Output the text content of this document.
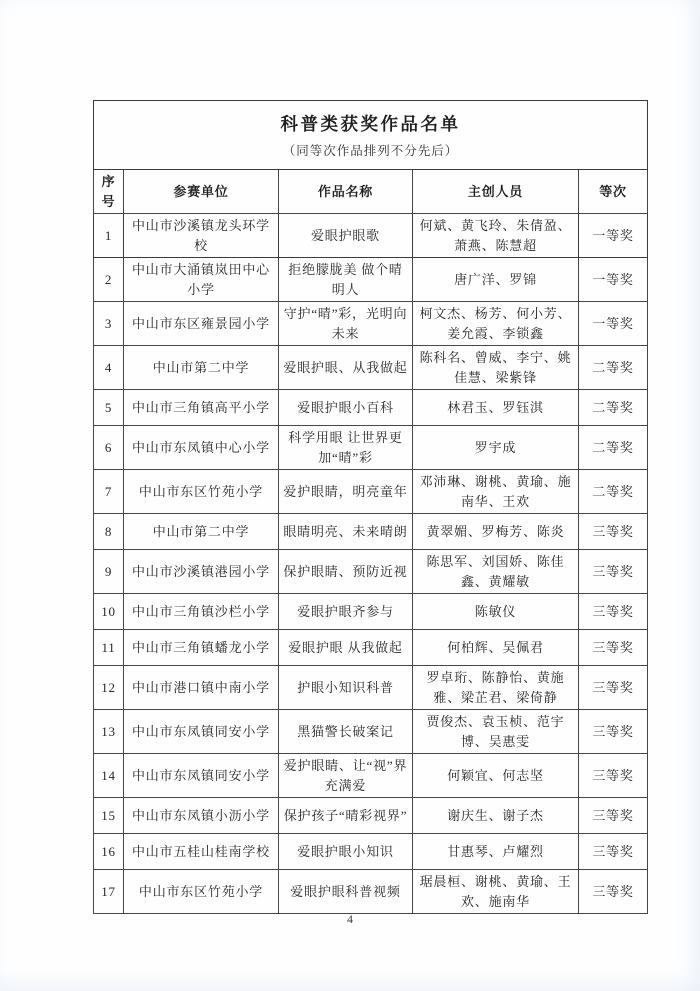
科普类获奖作品名单
（同等次作品排列不分先后）				

序号	参赛单位	作品名称	主创人员	等次
1	中山市沙溪镇龙头环学校	爱眼护眼歌	何斌、黄飞玲、朱倩盈、萧燕、陈慧超	一等奖
2	中山市大涌镇岚田中心小学	拒绝朦胧美 做个晴明人	唐广洋、罗锦	一等奖
3	中山市东区雍景园小学	守护“晴”彩，光明向未来	柯文杰、杨芳、何小芳、姜允霞、李锁鑫	一等奖
4	中山市第二中学	爱眼护眼、从我做起	陈科名、曾威、李宁、姚佳慧、梁紫锋	二等奖
5	中山市三角镇高平小学	爱眼护眼小百科	林君玉、罗钰淇	二等奖
6	中山市东凤镇中心小学	科学用眼 让世界更加“晴”彩	罗宇成	二等奖
7	中山市东区竹苑小学	爱护眼睛，明亮童年	邓沛琳、谢桃、黄瑜、施南华、王欢	二等奖
8	中山市第二中学	眼睛明亮、未来晴朗	黄翠媚、罗梅芳、陈炎	三等奖
9	中山市沙溪镇港园小学	保护眼睛、预防近视	陈思军、刘国娇、陈佳鑫、黄耀敏	三等奖
10	中山市三角镇沙栏小学	爱眼护眼齐参与	陈敏仪	三等奖
11	中山市三角镇蟠龙小学	爱眼护眼 从我做起	何柏辉、吴佩君	三等奖
12	中山市港口镇中南小学	护眼小知识科普	罗卓珩、陈静怡、黄施雅、梁芷君、梁倚静	三等奖
13	中山市东凤镇同安小学	黑猫警长破案记	贾俊杰、袁玉桢、范宇博、吴惠雯	三等奖
14	中山市东凤镇同安小学	爱护眼睛、让“视”界充满爱	何颖宜、何志坚	三等奖
15	中山市东凤镇小沥小学	保护孩子“晴彩视界”	谢庆生、谢子杰	三等奖
16	中山市五桂山桂南学校	爱眼护眼小知识	甘惠琴、卢耀烈	三等奖
17	中山市东区竹苑小学	爱眼护眼科普视频	琚晨桓、谢桃、黄瑜、王欢、施南华	三等奖
4
